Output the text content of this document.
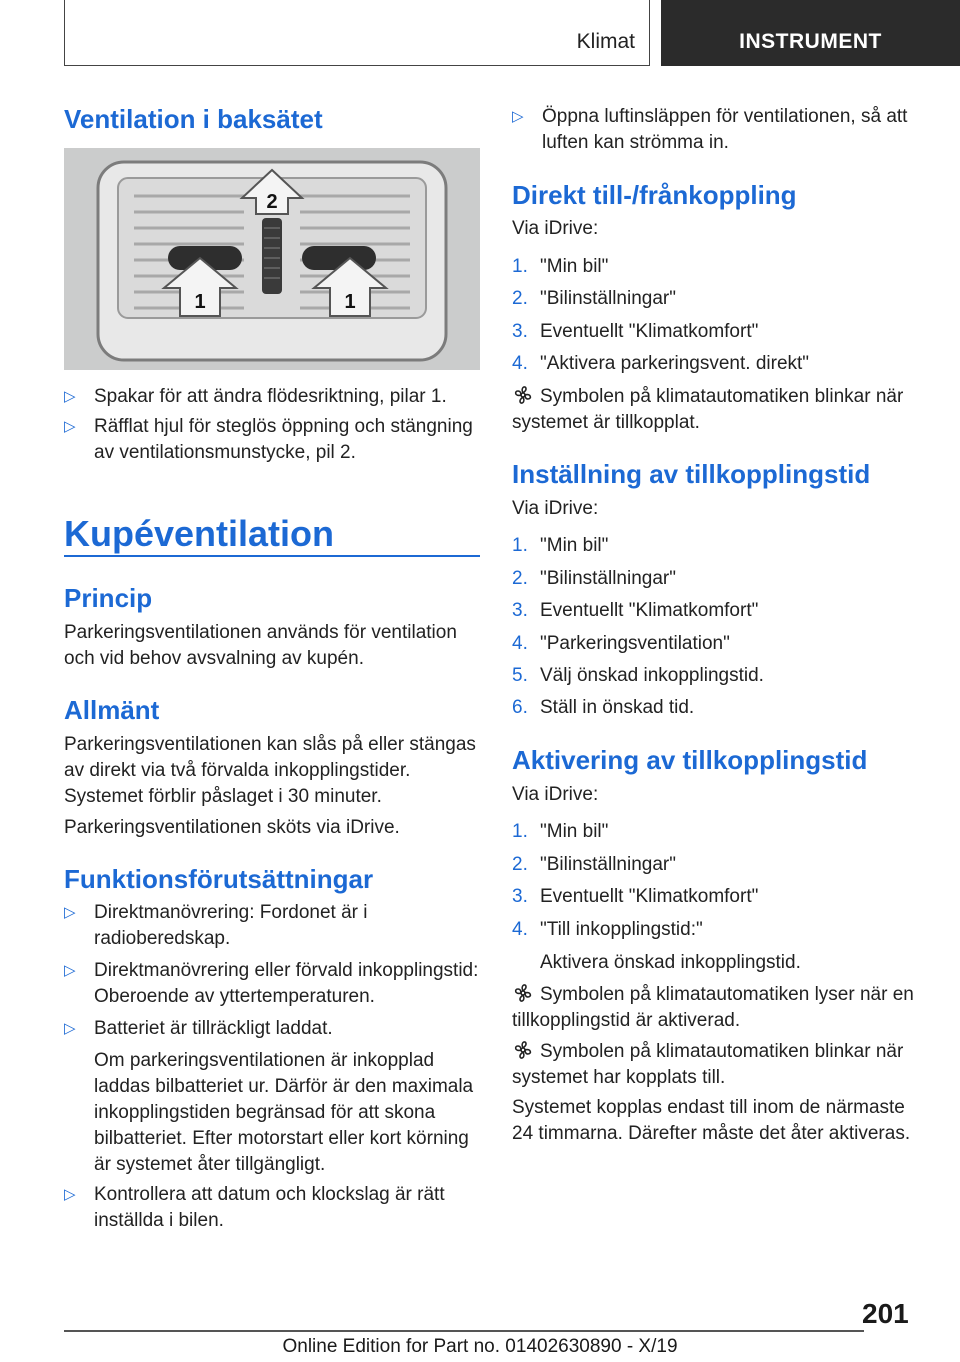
Klimat	INSTRUMENT
Ventilation i baksätet
2
1	1
▷ Spakar för att ändra flödesriktning, pilar 1.
▷ Räfflat hjul för steglös öppning och stängning av ventilationsmunstycke, pil 2.
Kupéventilation
Princip
Parkeringsventilationen används för ventilation och vid behov avsvalning av kupén.
Allmänt
Parkeringsventilationen kan slås på eller stängas av direkt via två förvalda inkopplingstider. Systemet förblir påslaget i 30 minuter.
Parkeringsventilationen sköts via iDrive.
Funktionsförutsättningar
▷ Direktmanövrering: Fordonet är i radioberedskap.
▷ Direktmanövrering eller förvald inkopplingstid: Oberoende av yttertemperaturen.
▷ Batteriet är tillräckligt laddat.
Om parkeringsventilationen är inkopplad laddas bilbatteriet ur. Därför är den maximala inkopplingstiden begränsad för att skona bilbatteriet. Efter motorstart eller kort körning är systemet åter tillgängligt.
▷ Kontrollera att datum och klockslag är rätt inställda i bilen.
▷ Öppna luftinsläppen för ventilationen, så att luften kan strömma in.
Direkt till-/frånkoppling
Via iDrive:
1. "Min bil"
2. "Bilinställningar"
3. Eventuellt "Klimatkomfort"
4. "Aktivera parkeringsvent. direkt"
Symbolen på klimatautomatiken blinkar när systemet är tillkopplat.
Inställning av tillkopplingstid
Via iDrive:
1. "Min bil"
2. "Bilinställningar"
3. Eventuellt "Klimatkomfort"
4. "Parkeringsventilation"
5. Välj önskad inkopplingstid.
6. Ställ in önskad tid.
Aktivering av tillkopplingstid
Via iDrive:
1. "Min bil"
2. "Bilinställningar"
3. Eventuellt "Klimatkomfort"
4. "Till inkopplingstid:"
Aktivera önskad inkopplingstid.
Symbolen på klimatautomatiken lyser när en tillkopplingstid är aktiverad.
Symbolen på klimatautomatiken blinkar när systemet har kopplats till.
Systemet kopplas endast till inom de närmaste 24 timmarna. Därefter måste det åter aktiveras.
201
Online Edition for Part no. 01402630890 - X/19
